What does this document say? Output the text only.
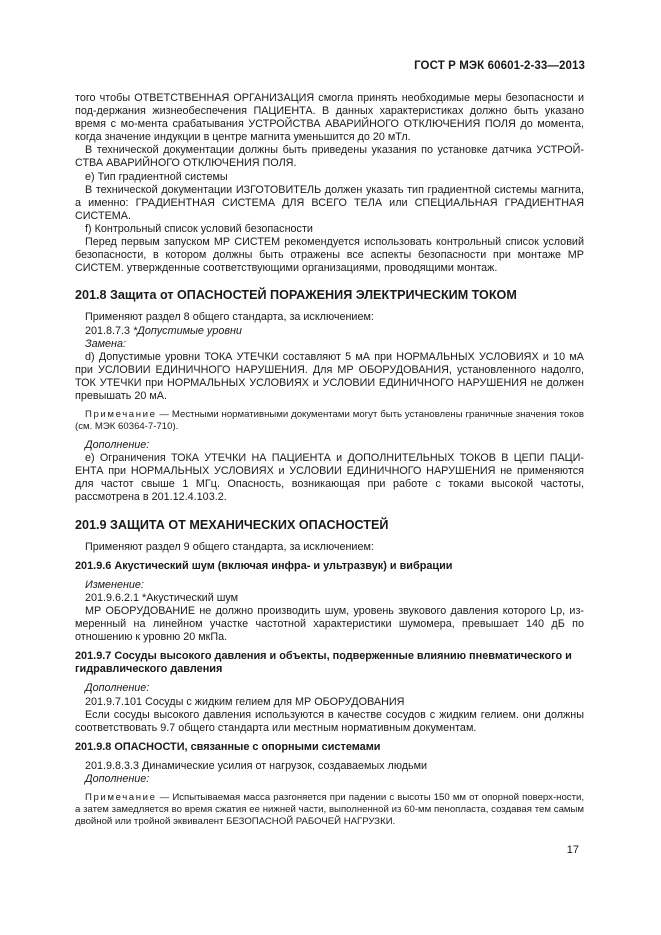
ГОСТ Р МЭК 60601-2-33—2013

того чтобы ОТВЕТСТВЕННАЯ ОРГАНИЗАЦИЯ смогла принять необходимые меры безопасности и под-держания жизнеобеспечения ПАЦИЕНТА. В данных характеристиках должно быть указано время с мо-мента срабатывания УСТРОЙСТВА АВАРИЙНОГО ОТКЛЮЧЕНИЯ ПОЛЯ до момента, когда значение индукции в центре магнита уменьшится до 20 мТл.

В технической документации должны быть приведены указания по установке датчика УСТРОЙ-СТВА АВАРИЙНОГО ОТКЛЮЧЕНИЯ ПОЛЯ.

e) Тип градиентной системы

В технической документации ИЗГОТОВИТЕЛЬ должен указать тип градиентной системы магнита, а именно: ГРАДИЕНТНАЯ СИСТЕМА ДЛЯ ВСЕГО ТЕЛА или СПЕЦИАЛЬНАЯ ГРАДИЕНТНАЯ СИСТЕМА.

f) Контрольный список условий безопасности

Перед первым запуском МР СИСТЕМ рекомендуется использовать контрольный список условий безопасности, в котором должны быть отражены все аспекты безопасности при монтаже МР СИСТЕМ. утвержденные соответствующими организациями, проводящими монтаж.

201.8 Защита от ОПАСНОСТЕЙ ПОРАЖЕНИЯ ЭЛЕКТРИЧЕСКИМ ТОКОМ

Применяют раздел 8 общего стандарта, за исключением:

201.8.7.3 *Допустимые уровни

Замена:

d) Допустимые уровни ТОКА УТЕЧКИ составляют 5 мА при НОРМАЛЬНЫХ УСЛОВИЯХ и 10 мА при УСЛОВИИ ЕДИНИЧНОГО НАРУШЕНИЯ. Для МР ОБОРУДОВАНИЯ, установленного надолго, ТОК УТЕЧКИ при НОРМАЛЬНЫХ УСЛОВИЯХ и УСЛОВИИ ЕДИНИЧНОГО НАРУШЕНИЯ не должен превышать 20 мА.

Примечание — Местными нормативными документами могут быть установлены граничные значения токов (см. МЭК 60364-7-710).

Дополнение:

e) Ограничения ТОКА УТЕЧКИ НА ПАЦИЕНТА и ДОПОЛНИТЕЛЬНЫХ ТОКОВ В ЦЕПИ ПАЦИ-ЕНТА при НОРМАЛЬНЫХ УСЛОВИЯХ и УСЛОВИИ ЕДИНИЧНОГО НАРУШЕНИЯ не применяются для частот свыше 1 МГц. Опасность, возникающая при работе с токами высокой частоты, рассмотрена в 201.12.4.103.2.

201.9 ЗАЩИТА ОТ МЕХАНИЧЕСКИХ ОПАСНОСТЕЙ

Применяют раздел 9 общего стандарта, за исключением:

201.9.6 Акустический шум (включая инфра- и ультразвук) и вибрации

Изменение:

201.9.6.2.1 *Акустический шум

МР ОБОРУДОВАНИЕ не должно производить шум, уровень звукового давления которого Lp, из-меренный на линейном участке частотной характеристики шумомера, превышает 140 дБ по отношению к уровню 20 мкПа.

201.9.7 Сосуды высокого давления и объекты, подверженные влиянию пневматического и гидравлического давления

Дополнение:

201.9.7.101 Сосуды с жидким гелием для МР ОБОРУДОВАНИЯ

Если сосуды высокого давления используются в качестве сосудов с жидким гелием. они должны соответствовать 9.7 общего стандарта или местным нормативным документам.

201.9.8 ОПАСНОСТИ, связанные с опорными системами

201.9.8.3.3 Динамические усилия от нагрузок, создаваемых людьми

Дополнение:

Примечание — Испытываемая масса разгоняется при падении с высоты 150 мм от опорной поверх-ности, а затем замедляется во время сжатия ее нижней части, выполненной из 60-мм пенопласта, создавая тем самым двойной или тройной эквивалент БЕЗОПАСНОЙ РАБОЧЕЙ НАГРУЗКИ.

17
